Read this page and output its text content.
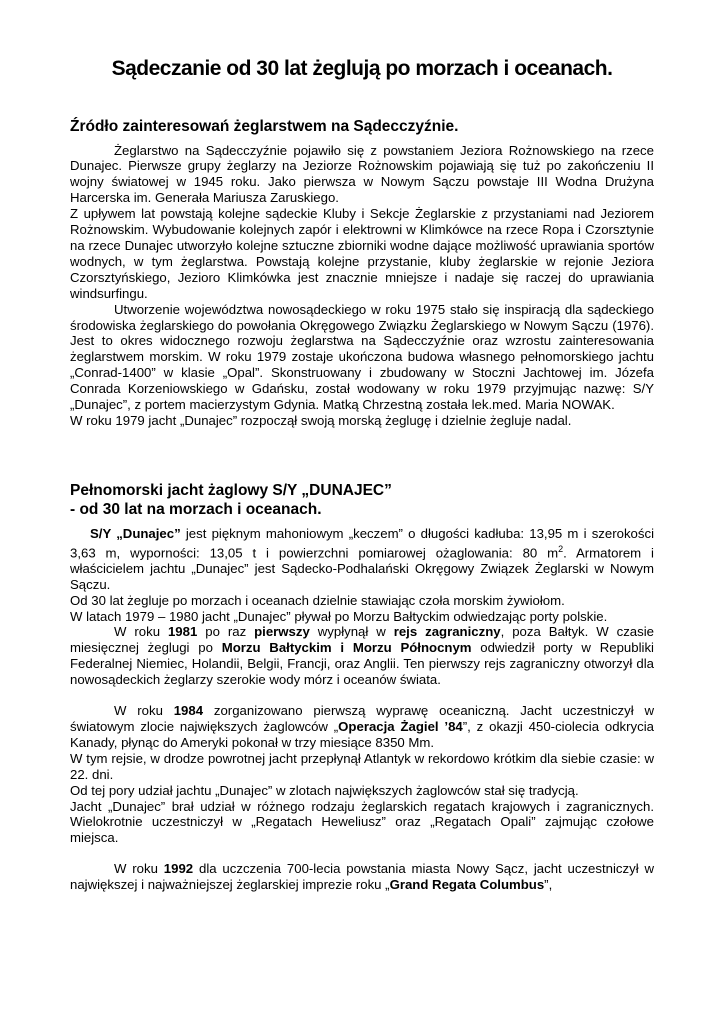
Sądeczanie od 30 lat żeglują po morzach i oceanach.
Źródło zainteresowań żeglarstwem na Sądecczyźnie.

Żeglarstwo na Sądecczyźnie pojawiło się z powstaniem Jeziora Rożnowskiego na rzece Dunajec. Pierwsze grupy żeglarzy na Jeziorze Rożnowskim pojawiają się tuż po zakończeniu II wojny światowej w 1945 roku. Jako pierwsza w Nowym Sączu powstaje III Wodna Drużyna Harcerska im. Generała Mariusza Zaruskiego.

Z upływem lat powstają kolejne sądeckie Kluby i Sekcje Żeglarskie z przystaniami nad Jeziorem Rożnowskim. Wybudowanie kolejnych zapór i elektrowni w Klimkówce na rzece Ropa i Czorsztynie na rzece Dunajec utworzyło kolejne sztuczne zbiorniki wodne dające możliwość uprawiania sportów wodnych, w tym żeglarstwa. Powstają kolejne przystanie, kluby żeglarskie w rejonie Jeziora Czorsztyńskiego, Jezioro Klimkówka jest znacznie mniejsze i nadaje się raczej do uprawiania windsurfingu.

Utworzenie województwa nowosądeckiego w roku 1975 stało się inspiracją dla sądeckiego środowiska żeglarskiego do powołania Okręgowego Związku Żeglarskiego w Nowym Sączu (1976). Jest to okres widocznego rozwoju żeglarstwa na Sądecczyźnie oraz wzrostu zainteresowania żeglarstwem morskim. W roku 1979 zostaje ukończona budowa własnego pełnomorskiego jachtu „Conrad-1400” w klasie „Opal”. Skonstruowany i zbudowany w Stoczni Jachtowej im. Józefa Conrada Korzeniowskiego w Gdańsku, został wodowany w roku 1979 przyjmując nazwę: S/Y „Dunajec”, z portem macierzystym Gdynia. Matką Chrzestną została lek.med. Maria NOWAK.

W roku 1979 jacht „Dunajec” rozpoczął swoją morską żeglugę i dzielnie żegluje nadal.

Pełnomorski jacht żaglowy S/Y „DUNAJEC”
- od 30 lat na morzach i oceanach.

S/Y „Dunajec” jest pięknym mahoniowym „keczem” o długości kadłuba: 13,95 m i szerokości 3,63 m, wyporności: 13,05 t i powierzchni pomiarowej ożaglowania: 80 $m^2$. Armatorem i właścicielem jachtu „Dunajec” jest Sądecko-Podhalański Okręgowy Związek Żeglarski w Nowym Sączu.

Od 30 lat żegluje po morzach i oceanach dzielnie stawiając czoła morskim żywiołom.

W latach 1979 – 1980 jacht „Dunajec” pływał po Morzu Bałtyckim odwiedzając porty polskie.

W roku 1981 po raz pierwszy wypłynął w rejs zagraniczny, poza Bałtyk. W czasie miesięcznej żeglugi po Morzu Bałtyckim i Morzu Północnym odwiedził porty w Republiki Federalnej Niemiec, Holandii, Belgii, Francji, oraz Anglii. Ten pierwszy rejs zagraniczny otworzył dla nowosądeckich żeglarzy szerokie wody mórz i oceanów świata.

W roku 1984 zorganizowano pierwszą wyprawę oceaniczną. Jacht uczestniczył w światowym zlocie największych żaglowców „Operacja Żagiel ’84”, z okazji 450-ciolecia odkrycia Kanady, płynąc do Ameryki pokonał w trzy miesiące 8350 Mm.

W tym rejsie, w drodze powrotnej jacht przepłynął Atlantyk w rekordowo krótkim dla siebie czasie: w 22. dni.

Od tej pory udział jachtu „Dunajec” w zlotach największych żaglowców stał się tradycją.

Jacht „Dunajec” brał udział w różnego rodzaju żeglarskich regatach krajowych i zagranicznych. Wielokrotnie uczestniczył w „Regatach Heweliusz” oraz „Regatach Opali” zajmując czołowe miejsca.

W roku 1992 dla uczczenia 700-lecia powstania miasta Nowy Sącz, jacht uczestniczył w największej i najważniejszej żeglarskiej imprezie roku „Grand Regata Columbus”,
